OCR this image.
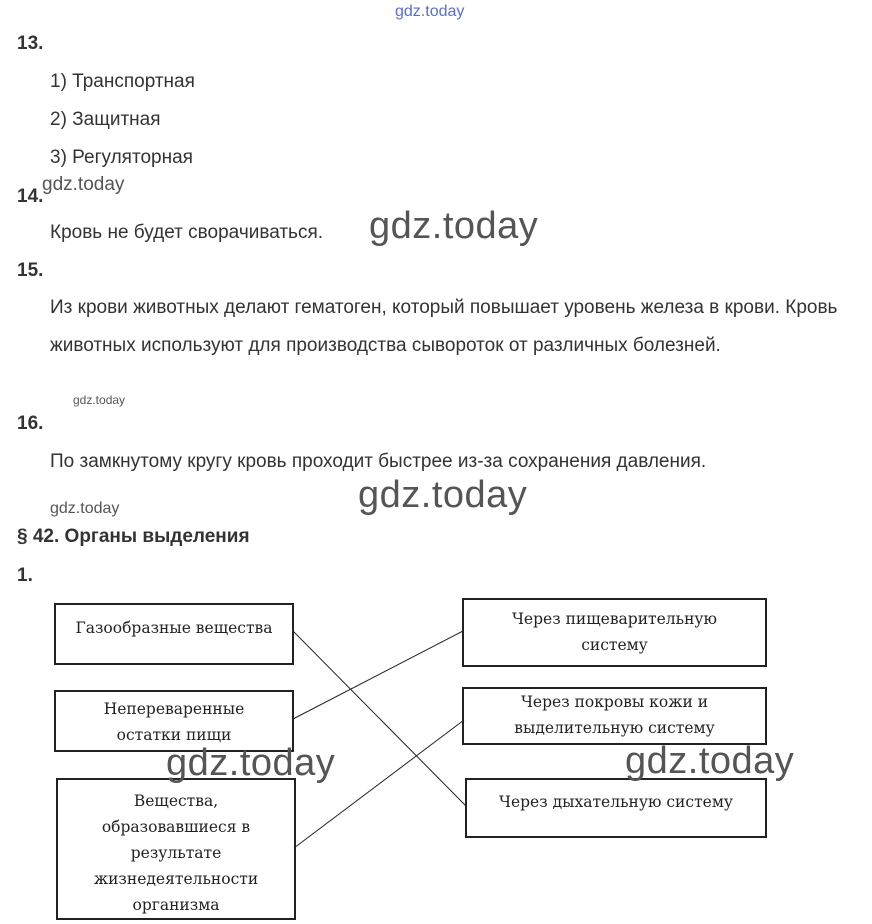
gdz.today
13.
1) Транспортная
2) Защитная
3) Регуляторная
14.
gdz.today
Кровь не будет сворачиваться. gdz.today
15.
Из крови животных делают гематоген, который повышает уровень железа в крови. Кровь животных используют для производства сывороток от различных болезней.
gdz.today
16.
По замкнутому кругу кровь проходит быстрее из-за сохранения давления.
gdz.today
gdz.today
§ 42. Органы выделения
1.
Газообразные вещества
Непереваренные остатки пищи
Вещества, образовавшиеся в результате жизнедеятельности организма
Через пищеварительную систему
Через покровы кожи и выделительную систему
Через дыхательную систему
gdz.today	gdz.today
